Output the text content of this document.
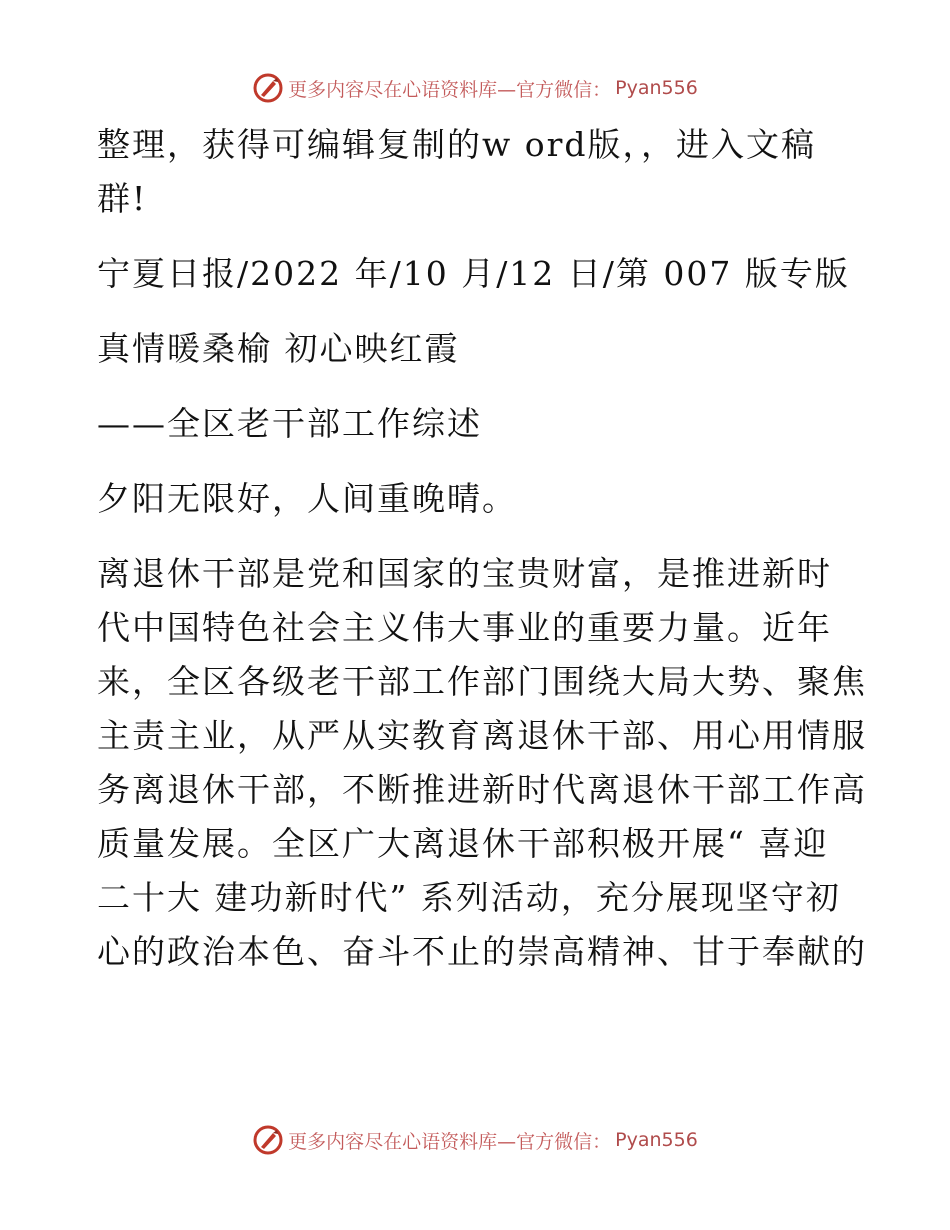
更多内容尽在心语资料库—官方微信： Pyan556

整理，获得可编辑复制的w ord版，，进入文稿

群!

宁夏日报/2022 年/10 月/12 日/第 007 版专版

真情暖桑榆 初心映红霞

——全区老干部工作综述

夕阳无限好，人间重晚晴。

离退休干部是党和国家的宝贵财富，是推进新时

代中国特色社会主义伟大事业的重要力量。近年

来，全区各级老干部工作部门围绕大局大势、聚焦

主责主业，从严从实教育离退休干部、用心用情服

务离退休干部，不断推进新时代离退休干部工作高

质量发展。全区广大离退休干部积极开展“ 喜迎

二十大 建功新时代” 系列活动，充分展现坚守初

心的政治本色、奋斗不止的崇高精神、甘于奉献的

更多内容尽在心语资料库—官方微信： Pyan556
